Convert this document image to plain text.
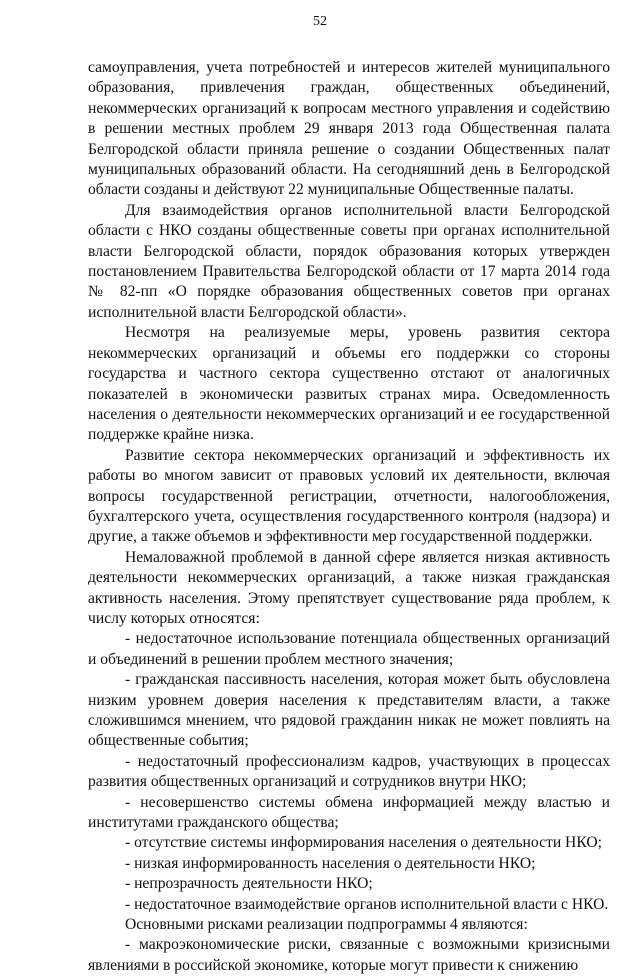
52

самоуправления, учета потребностей и интересов жителей муниципального образования, привлечения граждан, общественных объединений, некоммерческих организаций к вопросам местного управления и содействию в решении местных проблем 29 января 2013 года Общественная палата Белгородской области приняла решение о создании Общественных палат муниципальных образований области. На сегодняшний день в Белгородской области созданы и действуют 22 муниципальные Общественные палаты.

Для взаимодействия органов исполнительной власти Белгородской области с НКО созданы общественные советы при органах исполнительной власти Белгородской области, порядок образования которых утвержден постановлением Правительства Белгородской области от 17 марта 2014 года № 82-пп «О порядке образования общественных советов при органах исполнительной власти Белгородской области».

Несмотря на реализуемые меры, уровень развития сектора некоммерческих организаций и объемы его поддержки со стороны государства и частного сектора существенно отстают от аналогичных показателей в экономически развитых странах мира. Осведомленность населения о деятельности некоммерческих организаций и ее государственной поддержке крайне низка.

Развитие сектора некоммерческих организаций и эффективность их работы во многом зависит от правовых условий их деятельности, включая вопросы государственной регистрации, отчетности, налогообложения, бухгалтерского учета, осуществления государственного контроля (надзора) и другие, а также объемов и эффективности мер государственной поддержки.

Немаловажной проблемой в данной сфере является низкая активность деятельности некоммерческих организаций, а также низкая гражданская активность населения. Этому препятствует существование ряда проблем, к числу которых относятся:

- недостаточное использование потенциала общественных организаций и объединений в решении проблем местного значения;

- гражданская пассивность населения, которая может быть обусловлена низким уровнем доверия населения к представителям власти, а также сложившимся мнением, что рядовой гражданин никак не может повлиять на общественные события;

- недостаточный профессионализм кадров, участвующих в процессах развития общественных организаций и сотрудников внутри НКО;

- несовершенство системы обмена информацией между властью и институтами гражданского общества;

- отсутствие системы информирования населения о деятельности НКО;

- низкая информированность населения о деятельности НКО;

- непрозрачность деятельности НКО;

- недостаточное взаимодействие органов исполнительной власти с НКО.

Основными рисками реализации подпрограммы 4 являются:

- макроэкономические риски, связанные с возможными кризисными явлениями в российской экономике, которые могут привести к снижению
